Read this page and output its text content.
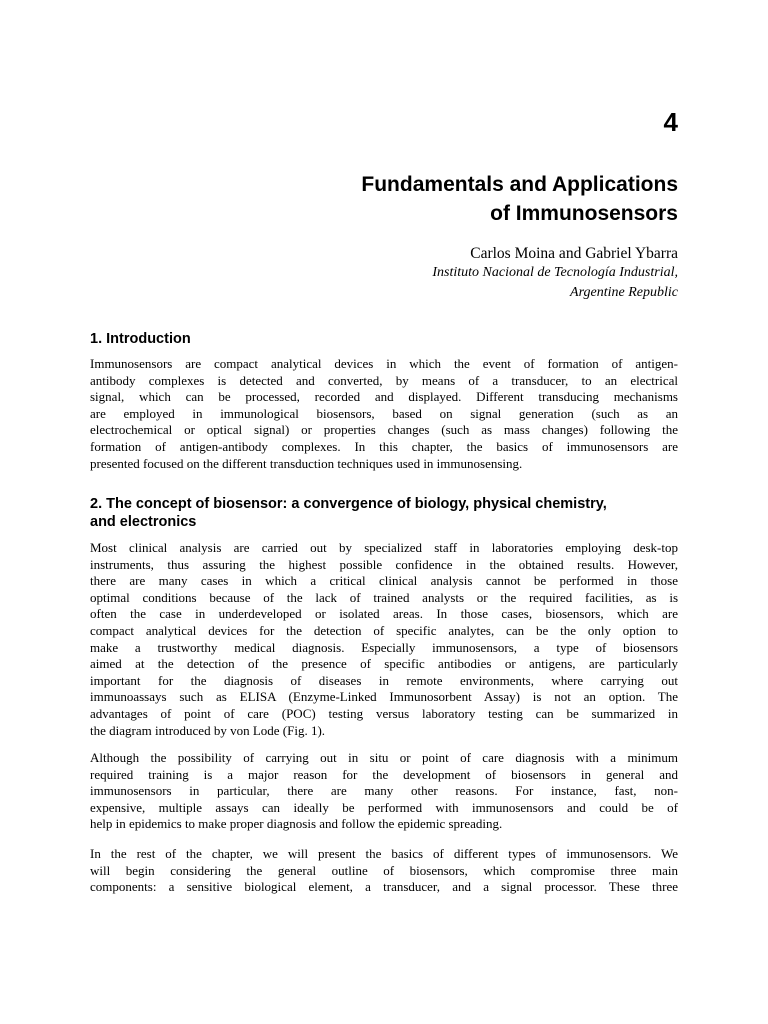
4
Fundamentals and Applications
of Immunosensors
Carlos Moina and Gabriel Ybarra
Instituto Nacional de Tecnología Industrial,
Argentine Republic
1. Introduction
Immunosensors are compact analytical devices in which the event of formation of antigen-
antibody complexes is detected and converted, by means of a transducer, to an electrical
signal, which can be processed, recorded and displayed. Different transducing mechanisms
are employed in immunological biosensors, based on signal generation (such as an
electrochemical or optical signal) or properties changes (such as mass changes) following the
formation of antigen-antibody complexes. In this chapter, the basics of immunosensors are
presented focused on the different transduction techniques used in immunosensing.
2. The concept of biosensor: a convergence of biology, physical chemistry,
and electronics
Most clinical analysis are carried out by specialized staff in laboratories employing desk-top
instruments, thus assuring the highest possible confidence in the obtained results. However,
there are many cases in which a critical clinical analysis cannot be performed in those
optimal conditions because of the lack of trained analysts or the required facilities, as is
often the case in underdeveloped or isolated areas. In those cases, biosensors, which are
compact analytical devices for the detection of specific analytes, can be the only option to
make a trustworthy medical diagnosis. Especially immunosensors, a type of biosensors
aimed at the detection of the presence of specific antibodies or antigens, are particularly
important for the diagnosis of diseases in remote environments, where carrying out
immunoassays such as ELISA (Enzyme-Linked Immunosorbent Assay) is not an option. The
advantages of point of care (POC) testing versus laboratory testing can be summarized in
the diagram introduced by von Lode (Fig. 1).
Although the possibility of carrying out in situ or point of care diagnosis with a minimum
required training is a major reason for the development of biosensors in general and
immunosensors in particular, there are many other reasons. For instance, fast, non-
expensive, multiple assays can ideally be performed with immunosensors and could be of
help in epidemics to make proper diagnosis and follow the epidemic spreading.
In the rest of the chapter, we will present the basics of different types of immunosensors. We
will begin considering the general outline of biosensors, which compromise three main
components: a sensitive biological element, a transducer, and a signal processor. These three
